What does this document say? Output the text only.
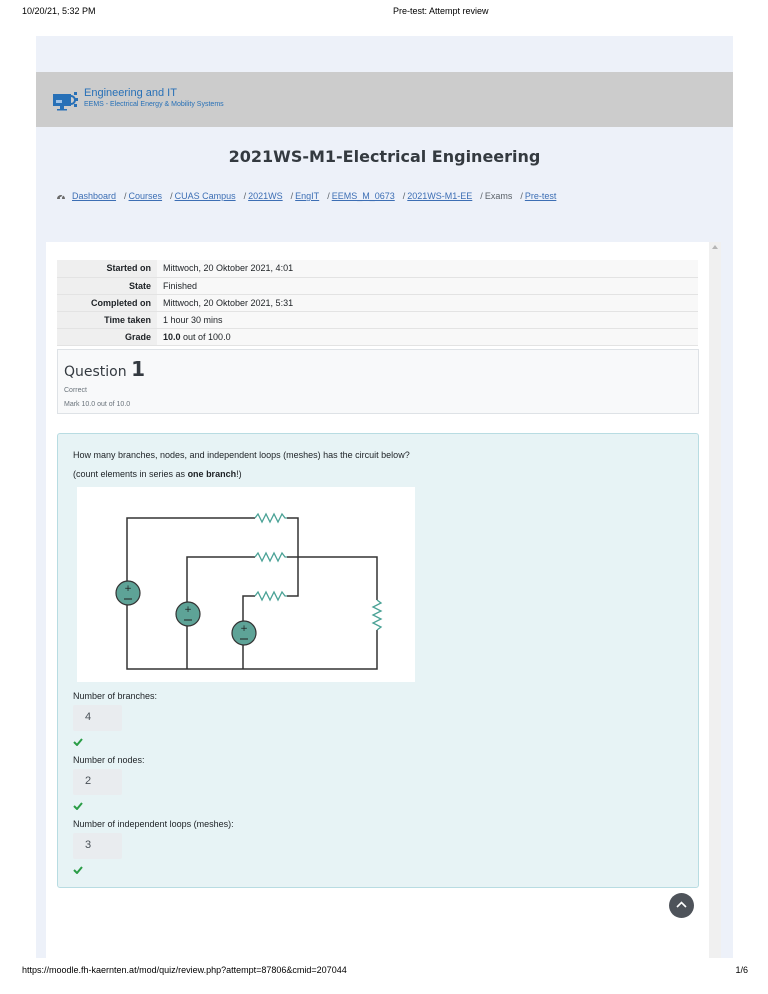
10/20/21, 5:32 PM	Pre-test: Attempt review
Engineering and IT
EEMS - Electrical Energy & Mobility Systems
2021WS-M1-Electrical Engineering
Dashboard / Courses / CUAS Campus / 2021WS / EngIT / EEMS_M_0673 / 2021WS-M1-EE / Exams / Pre-test
Started on	Mittwoch, 20 Oktober 2021, 4:01
State	Finished
Completed on	Mittwoch, 20 Oktober 2021, 5:31
Time taken	1 hour 30 mins
Grade	10.0 out of 100.0
Question 1
Correct
Mark 10.0 out of 10.0
How many branches, nodes, and independent loops (meshes) has the circuit below?
(count elements in series as one branch!)
+
+
+
Number of branches:
4
Number of nodes:
2
Number of independent loops (meshes):
3
https://moodle.fh-kaernten.at/mod/quiz/review.php?attempt=87806&cmid=207044	1/6
